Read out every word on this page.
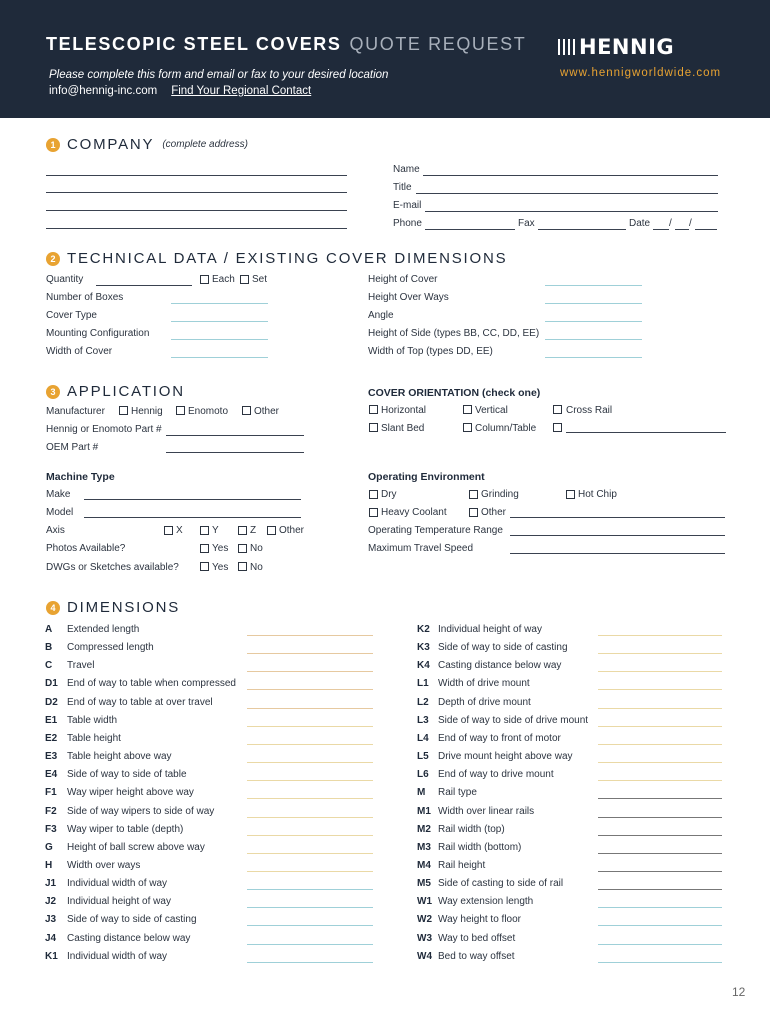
TELESCOPIC STEEL COVERS QUOTE REQUEST
Please complete this form and email or fax to your desired location
info@hennig-inc.com Find Your Regional Contact
HENNIG
www.hennigworldwide.com
1 COMPANY (complete address)
Name
Title
E-mail
Phone	Fax	Date / /
2 TECHNICAL DATA / EXISTING COVER DIMENSIONS
Quantity	Each Set
Number of Boxes
Cover Type
Mounting Configuration
Width of Cover
Height of Cover
Height Over Ways
Angle
Height of Side (types BB, CC, DD, EE)
Width of Top (types DD, EE)
3 APPLICATION
Manufacturer	Hennig	Enomoto	Other
Hennig or Enomoto Part #
OEM Part #
COVER ORIENTATION (check one)
Horizontal	Vertical	Cross Rail
Slant Bed	Column/Table
Machine Type
Make
Model
Axis	X	Y	Z Other
Photos Available?	Yes No
DWGs or Sketches available?	Yes No
Operating Environment
Dry	Grinding	Hot Chip
Heavy Coolant	Other
Operating Temperature Range
Maximum Travel Speed
4 DIMENSIONS
A Extended length
B Compressed length
C Travel
D1 End of way to table when compressed
D2 End of way to table at over travel
E1 Table width
E2 Table height
E3 Table height above way
E4 Side of way to side of table
F1 Way wiper height above way
F2 Side of way wipers to side of way
F3 Way wiper to table (depth)
G Height of ball screw above way
H Width over ways
J1 Individual width of way
J2 Individual height of way
J3 Side of way to side of casting
J4 Casting distance below way
K1 Individual width of way
K2 Individual height of way
K3 Side of way to side of casting
K4 Casting distance below way
L1 Width of drive mount
L2 Depth of drive mount
L3 Side of way to side of drive mount
L4 End of way to front of motor
L5 Drive mount height above way
L6 End of way to drive mount
M Rail type
M1 Width over linear rails
M2 Rail width (top)
M3 Rail width (bottom)
M4 Rail height
M5 Side of casting to side of rail
W1 Way extension length
W2 Way height to floor
W3 Way to bed offset
W4 Bed to way offset
12
